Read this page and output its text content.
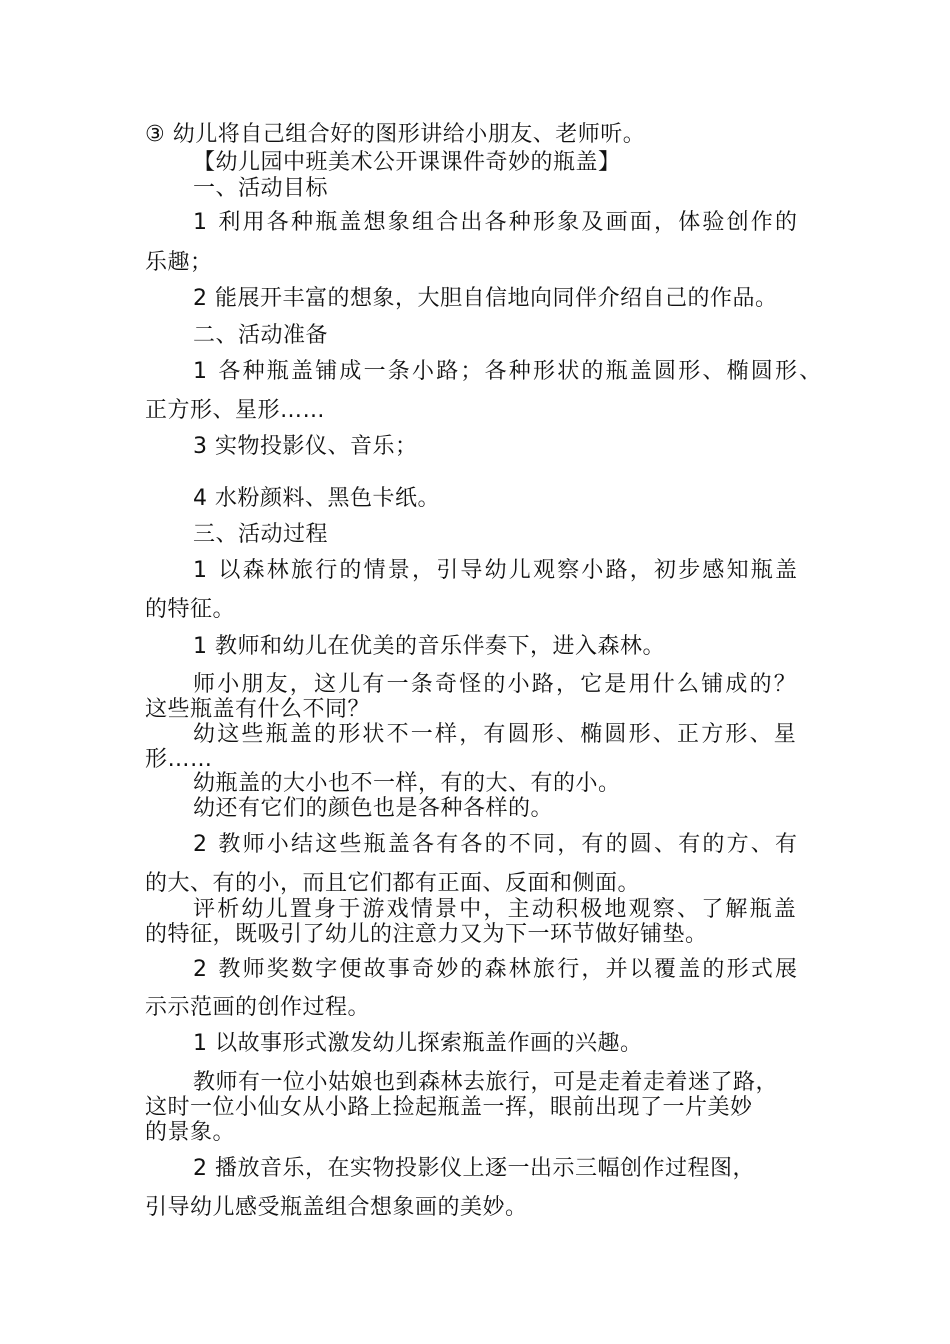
③ 幼儿将自己组合好的图形讲给小朋友、老师听。
【幼儿园中班美术公开课课件奇妙的瓶盖】
一、活动目标
1 利用各种瓶盖想象组合出各种形象及画面，体验创作的
乐趣；
2 能展开丰富的想象，大胆自信地向同伴介绍自己的作品。
二、活动准备
1 各种瓶盖铺成一条小路；各种形状的瓶盖圆形、椭圆形、
正方形、星形……
3 实物投影仪、音乐；
4 水粉颜料、黑色卡纸。
三、活动过程
1 以森林旅行的情景，引导幼儿观察小路，初步感知瓶盖
的特征。
1 教师和幼儿在优美的音乐伴奏下，进入森林。
师小朋友，这儿有一条奇怪的小路，它是用什么铺成的？
这些瓶盖有什么不同？
幼这些瓶盖的形状不一样，有圆形、椭圆形、正方形、星
形……
幼瓶盖的大小也不一样，有的大、有的小。
幼还有它们的颜色也是各种各样的。
2 教师小结这些瓶盖各有各的不同，有的圆、有的方、有
的大、有的小，而且它们都有正面、反面和侧面。
评析幼儿置身于游戏情景中，主动积极地观察、了解瓶盖
的特征，既吸引了幼儿的注意力又为下一环节做好铺垫。
2 教师奖数字便故事奇妙的森林旅行，并以覆盖的形式展
示示范画的创作过程。
1 以故事形式激发幼儿探索瓶盖作画的兴趣。
教师有一位小姑娘也到森林去旅行，可是走着走着迷了路，
这时一位小仙女从小路上捡起瓶盖一挥，眼前出现了一片美妙
的景象。
2 播放音乐，在实物投影仪上逐一出示三幅创作过程图，
引导幼儿感受瓶盖组合想象画的美妙。
